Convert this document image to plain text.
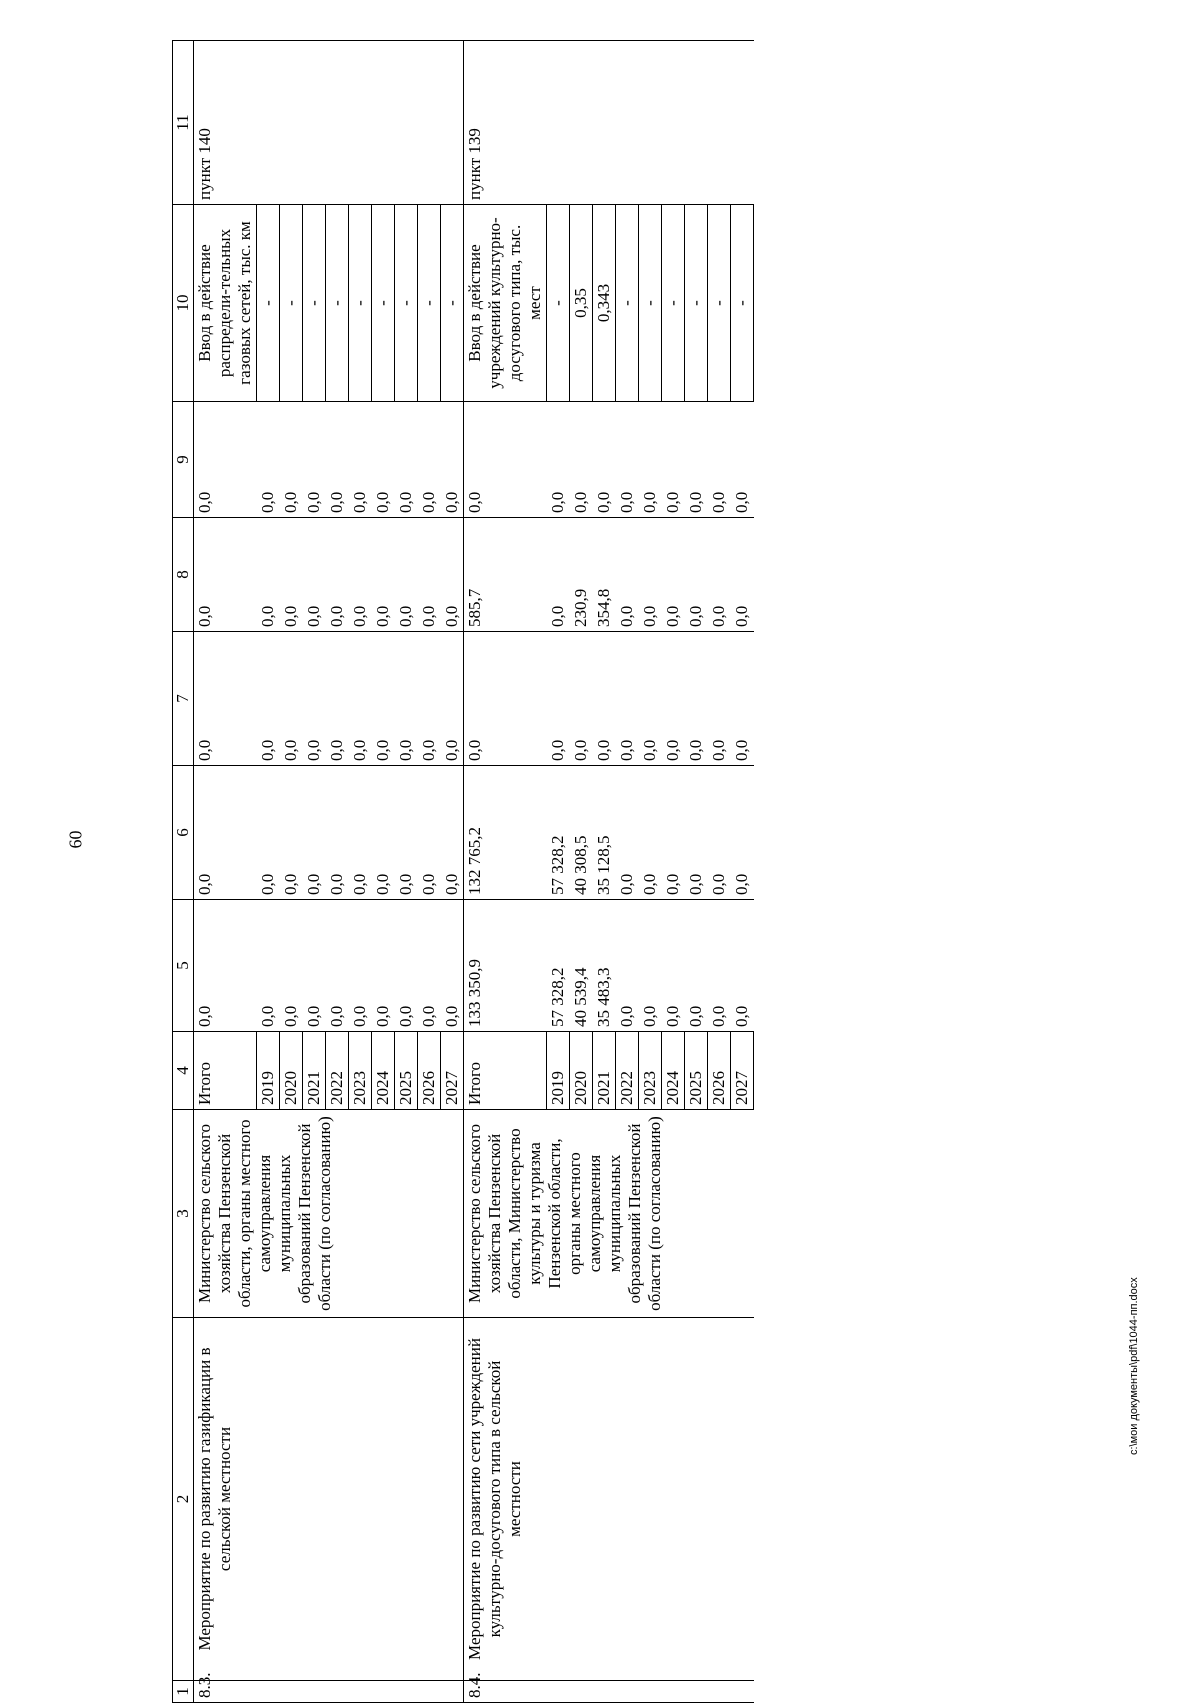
60
c:\мои документы\pdf\1044-пп.docx
1	2	3	4	5	6	7	8	9	10	11
8.3.	Мероприятие по развитию газификации в сельской местности	Министерство сельского хозяйства Пензенской области, органы местного самоуправления муниципальных образований Пензенской области (по согласованию)	Итого	0,0	0,0	0,0	0,0	0,0	Ввод в действие распредели-тельных газовых сетей, тыс. км	пункт 140
			2019	0,0	0,0	0,0	0,0	0,0	-	
			2020	0,0	0,0	0,0	0,0	0,0	-	
			2021	0,0	0,0	0,0	0,0	0,0	-	
			2022	0,0	0,0	0,0	0,0	0,0	-	
			2023	0,0	0,0	0,0	0,0	0,0	-	
			2024	0,0	0,0	0,0	0,0	0,0	-	
			2025	0,0	0,0	0,0	0,0	0,0	-	
			2026	0,0	0,0	0,0	0,0	0,0	-	
			2027	0,0	0,0	0,0	0,0	0,0	-	
8.4.	Мероприятие по развитию сети учреждений культурно-досугового типа в сельской местности	Министерство сельского хозяйства Пензенской области, Министерство культуры и туризма Пензенской области, органы местного самоуправления муниципальных образований Пензенской области (по согласованию)	Итого	133 350,9	132 765,2	0,0	585,7	0,0	Ввод в действие учреждений культурно-досугового типа, тыс. мест	пункт 139
			2019	57 328,2	57 328,2	0,0	0,0	0,0	-	
			2020	40 539,4	40 308,5	0,0	230,9	0,0	0,35	
			2021	35 483,3	35 128,5	0,0	354,8	0,0	0,343	
			2022	0,0	0,0	0,0	0,0	0,0	-	
			2023	0,0	0,0	0,0	0,0	0,0	-	
			2024	0,0	0,0	0,0	0,0	0,0	-	
			2025	0,0	0,0	0,0	0,0	0,0	-	
			2026	0,0	0,0	0,0	0,0	0,0	-	
			2027	0,0	0,0	0,0	0,0	0,0	-	
